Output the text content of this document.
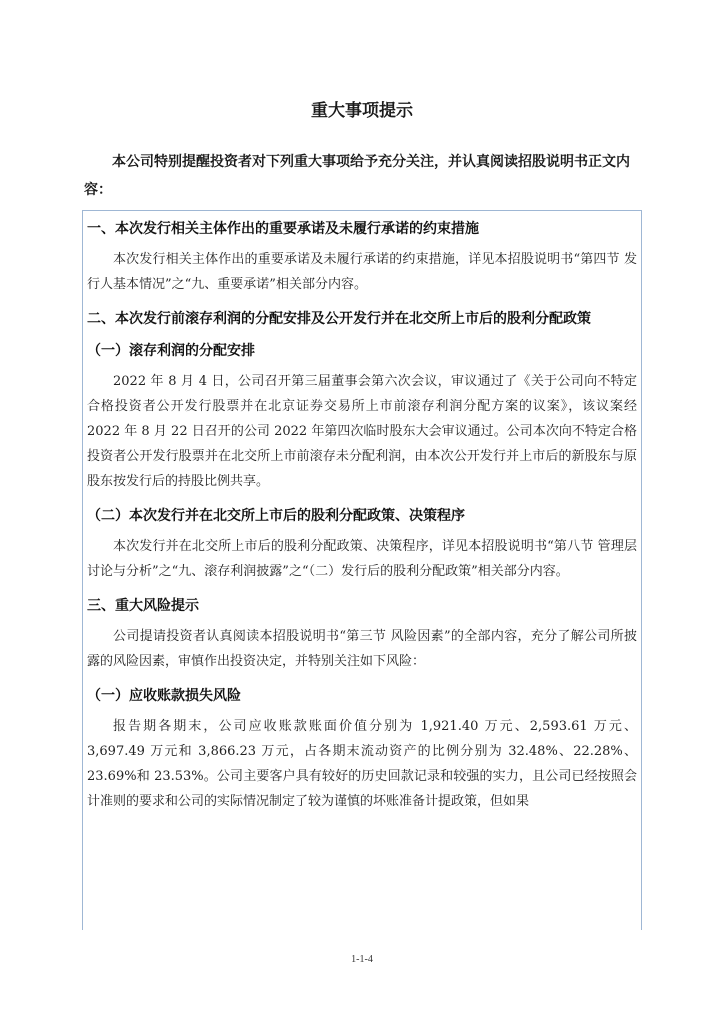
重大事项提示

本公司特别提醒投资者对下列重大事项给予充分关注，并认真阅读招股说明书正文内容：

一、本次发行相关主体作出的重要承诺及未履行承诺的约束措施

本次发行相关主体作出的重要承诺及未履行承诺的约束措施，详见本招股说明书“第四节 发行人基本情况”之“九、重要承诺”相关部分内容。

二、本次发行前滚存利润的分配安排及公开发行并在北交所上市后的股利分配政策
（一）滚存利润的分配安排

2022 年 8 月 4 日，公司召开第三届董事会第六次会议，审议通过了《关于公司向不特定合格投资者公开发行股票并在北京证券交易所上市前滚存利润分配方案的议案》，该议案经 2022 年 8 月 22 日召开的公司 2022 年第四次临时股东大会审议通过。公司本次向不特定合格投资者公开发行股票并在北交所上市前滚存未分配利润，由本次公开发行并上市后的新股东与原股东按发行后的持股比例共享。

（二）本次发行并在北交所上市后的股利分配政策、决策程序

本次发行并在北交所上市后的股利分配政策、决策程序，详见本招股说明书“第八节 管理层讨论与分析”之“九、滚存利润披露”之“（二）发行后的股利分配政策”相关部分内容。

三、重大风险提示

公司提请投资者认真阅读本招股说明书“第三节 风险因素”的全部内容，充分了解公司所披露的风险因素，审慎作出投资决定，并特别关注如下风险：

（一）应收账款损失风险

报告期各期末，公司应收账款账面价值分别为 1,921.40 万元、2,593.61 万元、3,697.49 万元和 3,866.23 万元，占各期末流动资产的比例分别为 32.48%、22.28%、23.69%和 23.53%。公司主要客户具有较好的历史回款记录和较强的实力，且公司已经按照会计准则的要求和公司的实际情况制定了较为谨慎的坏账准备计提政策，但如果

1-1-4
